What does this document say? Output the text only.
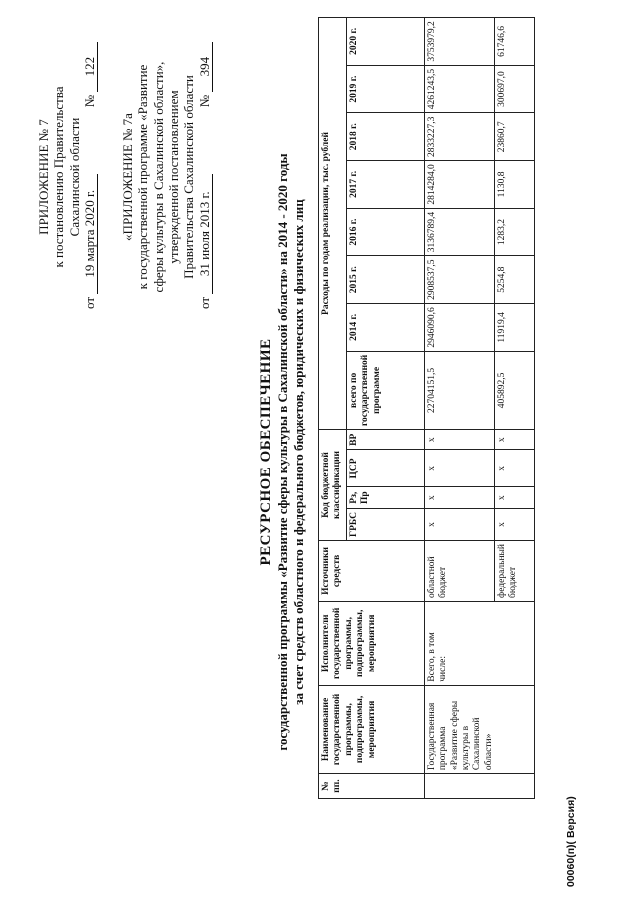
ПРИЛОЖЕНИЕ № 7 к постановлению Правительства Сахалинской области
от 19 марта 2020 г.  № 122
«ПРИЛОЖЕНИЕ № 7а к государственной программе «Развитие сферы культуры в Сахалинской области», утвержденной постановлением Правительства Сахалинской области
от 31 июля 2013 г.  № 394
РЕСУРСНОЕ ОБЕСПЕЧЕНИЕ государственной программы «Развитие сферы культуры в Сахалинской области» на 2014 - 2020 годы за счет средств областного и федерального бюджетов, юридических и физических лиц
№ пп.	Наименование государственной программы, подпрограммы, мероприятия	Исполнители государственной программы, подпрограммы, мероприятия	Источники средств	Код бюджетной классификации				Расходы по годам реализации, тыс. рублей							
				ГРБС	Рз, Пр	ЦСР	ВР	всего по государственной программе	2014 г.	2015 г.	2016 г.	2017 г.	2018 г.	2019 г.	2020 г.
	Государственная программа «Развитие сферы культуры в Сахалинской области»	Всего, в том числе:	областной бюджет	х	х	х	х	22704151,5	2946090,6	2908537,5	3136789,4	2814284,0	2833227,3	4261243,5	3753979,2
			федеральный бюджет	х	х	х	х	405892,5	11919,4	5254,8	1283,2	1130,8	23860,7	300697,0	61746,6
00060(п)( Версия)
